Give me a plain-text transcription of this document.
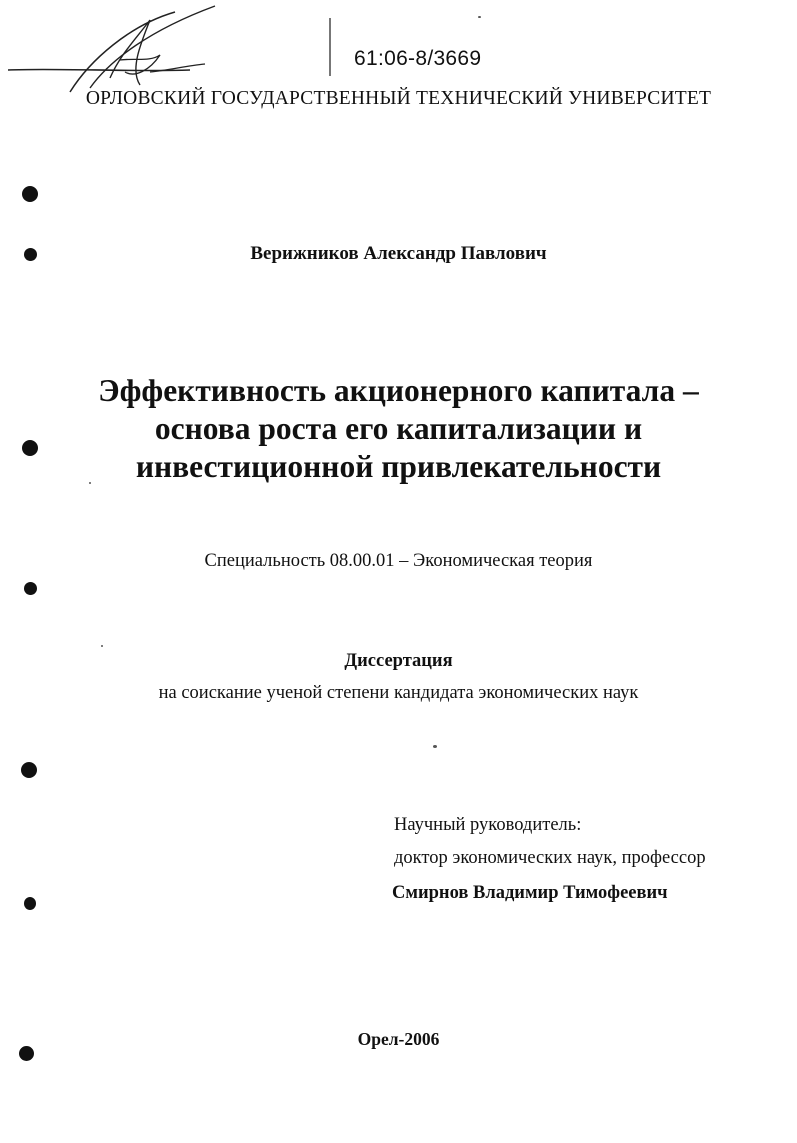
61:06-8/3669
ОРЛОВСКИЙ ГОСУДАРСТВЕННЫЙ ТЕХНИЧЕСКИЙ УНИВЕРСИТЕТ
Верижников Александр Павлович
Эффективность акционерного капитала –
основа роста его капитализации и
инвестиционной привлекательности
Специальность 08.00.01 – Экономическая теория
Диссертация
на соискание ученой степени кандидата экономических наук
Научный руководитель:
доктор экономических наук, профессор
Смирнов Владимир Тимофеевич
Орел-2006
